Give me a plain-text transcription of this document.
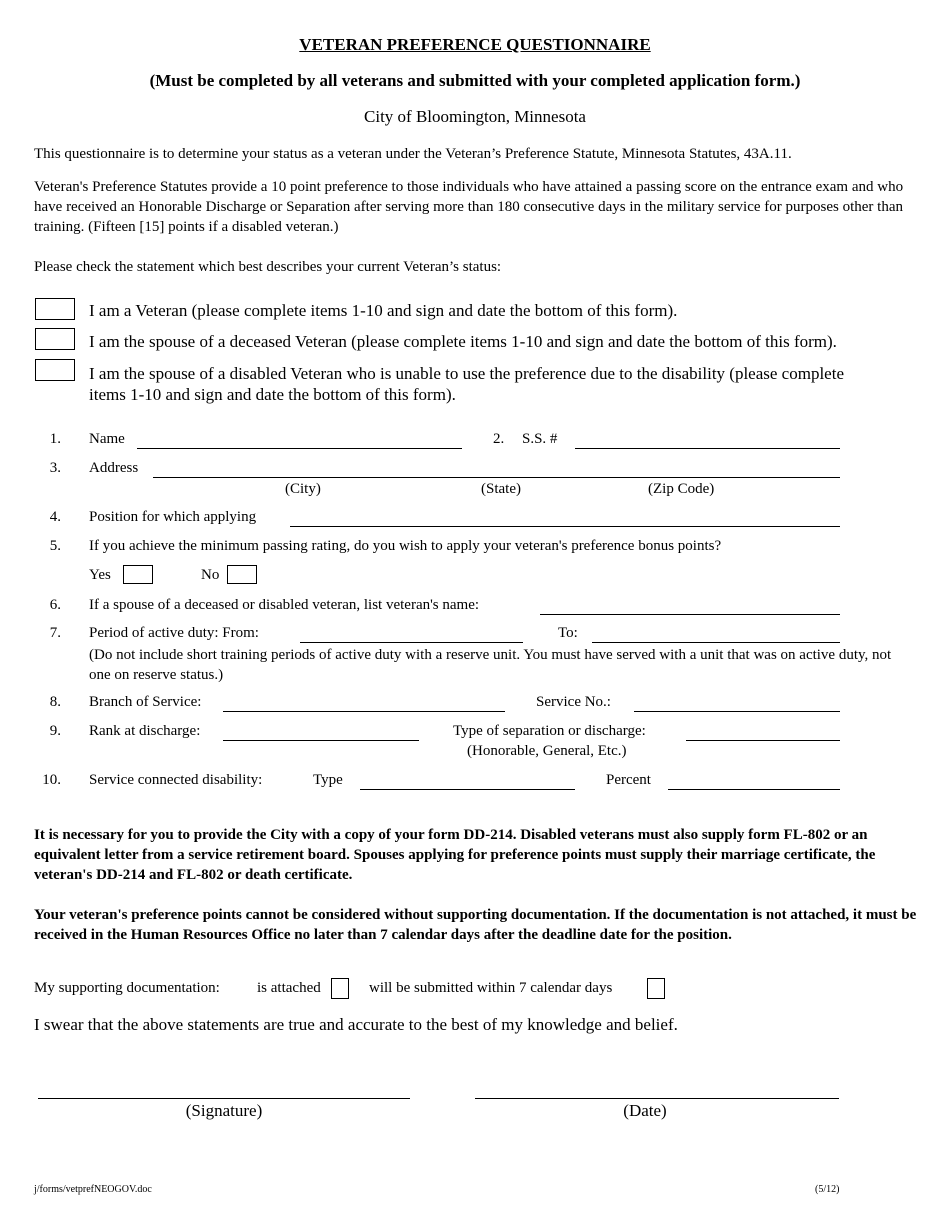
VETERAN PREFERENCE QUESTIONNAIRE
(Must be completed by all veterans and submitted with your completed application form.)
City of Bloomington, Minnesota
This questionnaire is to determine your status as a veteran under the Veteran’s Preference Statute, Minnesota Statutes, 43A.11.
Veteran's Preference Statutes provide a 10 point preference to those individuals who have attained a passing score on the entrance exam and who have received an Honorable Discharge or Separation after serving more than 180 consecutive days in the military service for purposes other than training. (Fifteen [15] points if a disabled veteran.)
Please check the statement which best describes your current Veteran’s status:
I am a Veteran (please complete items 1-10 and sign and date the bottom of this form).
I am the spouse of a deceased Veteran (please complete items 1-10 and sign and date the bottom of this form).
I am the spouse of a disabled Veteran who is unable to use the preference due to the disability (please complete items 1-10 and sign and date the bottom of this form).
1. Name	2. S.S. #
3. Address
(City)	(State)	(Zip Code)
4. Position for which applying
5. If you achieve the minimum passing rating, do you wish to apply your veteran's preference bonus points?
Yes	No
6. If a spouse of a deceased or disabled veteran, list veteran's name:
7. Period of active duty: From:	To:
(Do not include short training periods of active duty with a reserve unit. You must have served with a unit that was on active duty, not one on reserve status.)
8. Branch of Service:	Service No.:
9. Rank at discharge:	Type of separation or discharge:
(Honorable, General, Etc.)
10. Service connected disability:	Type	Percent
It is necessary for you to provide the City with a copy of your form DD-214. Disabled veterans must also supply form FL-802 or an equivalent letter from a service retirement board. Spouses applying for preference points must supply their marriage certificate, the veteran's DD-214 and FL-802 or death certificate.
Your veteran's preference points cannot be considered without supporting documentation. If the documentation is not attached, it must be received in the Human Resources Office no later than 7 calendar days after the deadline date for the position.
My supporting documentation: is attached	will be submitted within 7 calendar days
I swear that the above statements are true and accurate to the best of my knowledge and belief.
(Signature)	(Date)
j/forms/vetprefNEOGOV.doc	(5/12)
